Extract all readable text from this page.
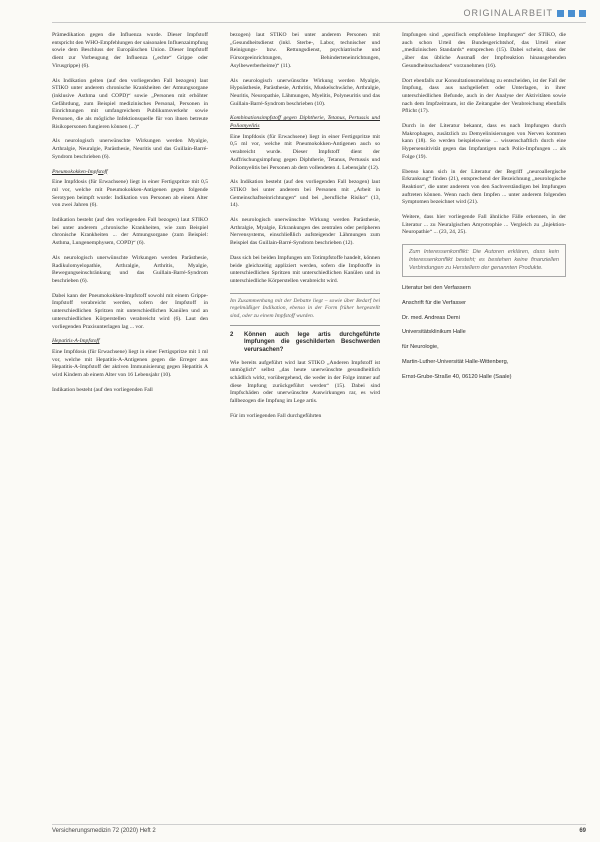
ORIGINALARBEIT

Prämedikation gegen die Influenza wurde. Dieser Impfstoff entspricht den WHO-Empfehlungen der saisonalen Influenzaimpfung sowie dem Beschluss der Europäischen Union. Dieser Impfstoff dient zur Vorbeugung der Influenza („echte“ Grippe oder Virusgrippe) (6).

Als Indikation gelten (auf den vorliegenden Fall bezogen) laut STIKO unter anderem chronische Krankheiten der Atmungsorgane (inklusive Asthma und COPD)“ sowie „Personen mit erhöhter Gefährdung, zum Beispiel medizinisches Personal, Personen in Einrichtungen mit umfangreichem Publikumsverkehr sowie Personen, die als mögliche Infektionsquelle für von ihnen betreute Risikopersonen fungieren können (...)“

Als neurologisch unerwünschte Wirkungen werden Myalgie, Arthralgie, Neuralgie, Parästhesie, Neuritis und das Guillain-Barré-Syndrom beschrieben (6).

Pneumokokken-Impfstoff

Eine Impfdosis (für Erwachsene) liegt in einer Fertigspritze mit 0,5 ml vor, welche mit Pneumokokken-Antigenen gegen folgende Serotypen beimpft wurde: Indikation von Personen ab einem Alter von zwei Jahren (6).

Indikation besteht (auf den vorliegenden Fall bezogen) laut STIKO bei unter anderem „chronische Krankheiten, wie zum Beispiel chronische Krankheiten ... der Atmungsorgane (zum Beispiel: Asthma, Lungenemphysem, COPD)“ (6).

Als neurologisch unerwünschte Wirkungen werden Parästhesie, Radikulomyelopathie, Arthralgie, Arthritis, Myalgie, Bewegungseinschränkung und das Guillain-Barré-Syndrom beschrieben (6).

Dabei kann der Pneumokokken-Impfstoff sowohl mit einem Grippe-Impfstoff verabreicht werden, sofern der Impfstoff in unterschiedlichen Spritzen mit unterschiedlichen Kanülen und an unterschiedlichen Körperstellen verabreicht wird (6). Laut den vorliegenden Praxisunterlagen lag ... vor.

Hepatitis-A-Impfstoff

Eine Impfdosis (für Erwachsene) liegt in einer Fertigspritze mit 1 ml vor, welche mit Hepatitis-A-Antigenen gegen die Erreger aus Hepatitis-A-Impfstoff der aktiven Immunisierung gegen Hepatitis A wird Kindern ab einem Alter von 16 Lebensjahr (10).

Indikation besteht (auf den vorliegenden Fall

bezogen) laut STIKO bei unter anderem Personen mit „Gesundheitsdienst (inkl. Sterbe-, Labor, technischer und Reinigungs- bzw. Rettungsdienst, psychiatrische und Fürsorgeeinrichtungen, Behinderteneinrichtungen, Asylbewerberheime)“ (11).

Als neurologisch unerwünschte Wirkung werden Myalgie, Hypoästhesie, Parästhesie, Arthritis, Muskelschwäche, Arthralgie, Neuritis, Neuropathie, Lähmungen, Myelitis, Polyneuritis und das Guillain-Barré-Syndrom beschrieben (10).

Kombinationsimpfstoff gegen Diphtherie, Tetanus, Pertussis und Poliomyelitis

Eine Impfdosis (für Erwachsene) liegt in einer Fertigspritze mit 0,5 ml vor, welche mit Pneumokokken-Antigenen auch so verabreicht wurde. Dieser Impfstoff dient der Auffrischungsimpfung gegen Diphtherie, Tetanus, Pertussis und Poliomyelitis bei Personen ab dem vollendeten 4. Lebensjahr (12).

Als Indikation besteht (auf den vorliegenden Fall bezogen) laut STIKO bei unter anderem bei Personen mit „Arbeit in Gemeinschaftseinrichtungen“ und bei „berufliche Risiko“ (13, 14).

Als neurologisch unerwünschte Wirkung werden Parästhesie, Arthralgie, Myalgie, Erkrankungen des zentralen oder peripheren Nervensystems, einschließlich aufsteigender Lähmungen zum Beispiel das Guillain-Barré-Syndrom beschrieben (12).

Dass sich bei beiden Impfungen um Totimpfstoffe handelt, können beide gleichzeitig appliziert werden, sofern die Impfstoffe in unterschiedlichen Spritzen mit unterschiedlichen Kanülen und in unterschiedliche Körperstellen verabreicht wird.

Im Zusammenhang mit der Debatte liegt – sowie über Bedarf bei regelmäßiger Indikation, ebenso in der Form früher hergestellt sind, oder zu einem Impfstoff wurden.
2	Können auch lege artis durchgeführte Impfungen die geschilderten Beschwerden verursachen?

Wie bereits aufgeführt wird laut STIKO „Anderen Impfstoff ist unmöglich“ selbst „das heute unerwünschte gesundheitlich schädlich wirkt, vorübergehend, die weder in der Folge immer auf diese Impfung zurückgeführt werden“ (15). Dabei sind Impfschäden oder unerwünschte Auswirkungen rar, es wird fallbezogen die Impfung im Lege artis.

Für im vorliegenden Fall durchgeführten

Impfungen sind „spezifisch empfohlene Impfungen“ der STIKO, die auch schon Urteil des Bundesgerichtshof, das Urteil einer „medizinischen Standards“ entsprechen (15). Dabei scheint, dass der „über das übliche Ausmaß der Impfreaktion hinausgehenden Gesundheitsschadens“ vorzunehmen (16).

Dort ebenfalls zur Konsultationsmeldung zu entscheiden, ist der Fall der Impfung, dass aus nachgeliefert oder Unterlagen, in ihrer unterschiedlichen Befunde, auch in der Analyse der Aktivitäten sowie nach dem Impfzeitraum, ist die Zeitangabe der Verabreichung ebenfalls Pflicht (17).

Durch in der Literatur bekannt, dass es nach Impfungen durch Makrophagen, zusätzlich zu Demyelinisierungen von Nerven kommen kann (18). So werden beispielsweise ... wissenschaftlich durch eine Hypersensitivität gegen das Impfantigen nach Polio-Impfungen ... als Folge (19).

Ebenso kann sich in der Literatur der Begriff „neuroallergische Erkrankung“ finden (21), entsprechend der Bezeichnung „neurologische Reaktion“, die unter anderem von den Sachverständigen bei Impfungen auftreten können. Wenn nach dem Impfen ... unter anderem folgenden Symptomen bezeichnet wird (21).

Weitere, dass hier vorliegende Fall ähnliche Fälle erkennen, in der Literatur ... zu Neuralgischen Amyotrophie ... Vergleich zu „Injektion-Neuropathie“ ... (23, 24, 25).

Zum Interessenkonflikt: Die Autoren erklären, dass kein Interessenkonflikt besteht; es bestehen keine finanziellen Verbindungen zu Herstellern der genannten Produkte.

Literatur bei den Verfassern

Anschrift für die Verfasser

Dr. med. Andreas Demi

Universitätsklinikum Halle

für Neurologie,

Martin-Luther-Universität Halle-Wittenberg,

Ernst-Grube-Straße 40, 06120 Halle (Saale)

Versicherungsmedizin 72 (2020) Heft 2	69
